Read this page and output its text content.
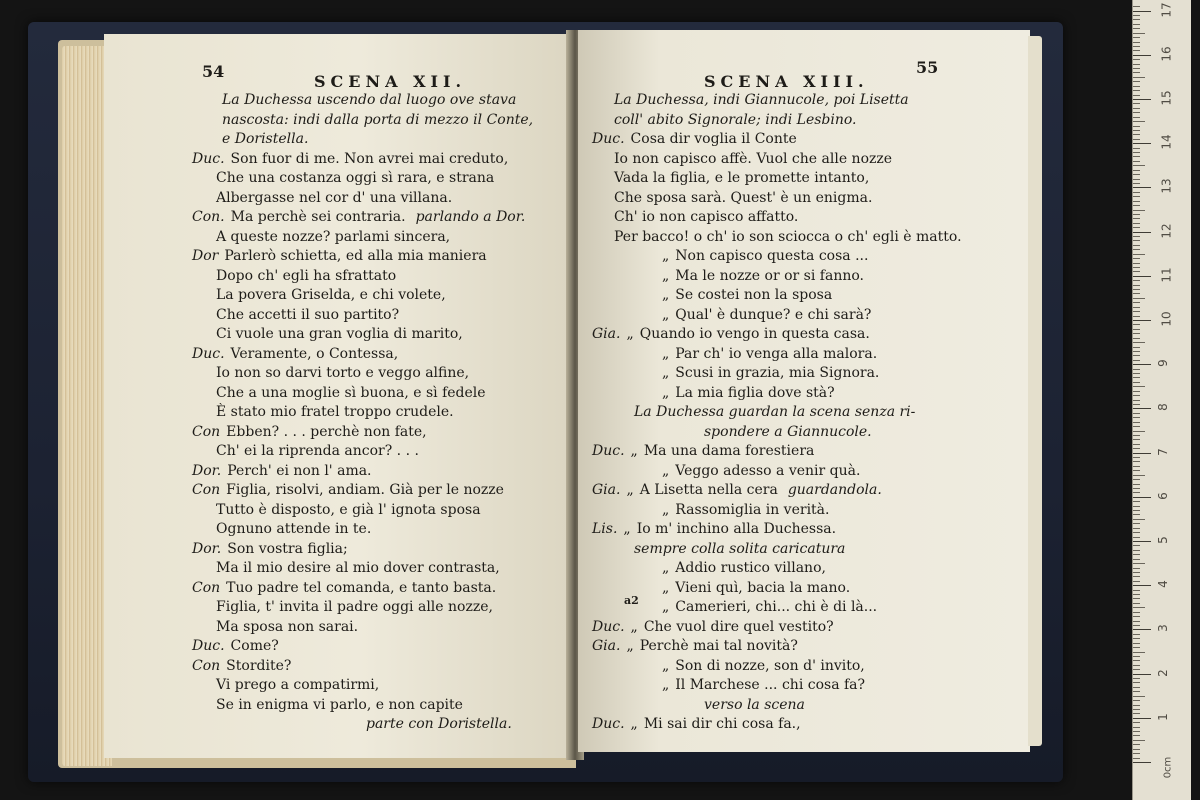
54
SCENA XII.
La Duchessa uscendo dal luogo ove stava
nascosta: indi dalla porta di mezzo il Conte,
e Doristella.
Duc. Son fuor di me. Non avrei mai creduto,
Che una costanza oggi sì rara, e strana
Albergasse nel cor d' una villana.
Con. Ma perchè sei contraria. parlando a Dor.
A queste nozze? parlami sincera,
Dor Parlerò schietta, ed alla mia maniera
Dopo ch' egli ha sfrattato
La povera Griselda, e chi volete,
Che accetti il suo partito?
Ci vuole una gran voglia di marito,
Duc. Veramente, o Contessa,
Io non so darvi torto e veggo alfine,
Che a una moglie sì buona, e sì fedele
È stato mio fratel troppo crudele.
Con Ebben? . . . perchè non fate,
Ch' ei la riprenda ancor? . . .
Dor. Perch' ei non l' ama.
Con Figlia, risolvi, andiam. Già per le nozze
Tutto è disposto, e già l' ignota sposa
Ognuno attende in te.
Dor. Son vostra figlia;
Ma il mio desire al mio dover contrasta,
Con Tuo padre tel comanda, e tanto basta.
Figlia, t' invita il padre oggi alle nozze,
Ma sposa non sarai.
Duc. Come?
Con Stordite?
Vi prego a compatirmi,
Se in enigma vi parlo, e non capite
parte con Doristella.
55
SCENA XIII.
La Duchessa, indi Giannucole, poi Lisetta
coll' abito Signorale; indi Lesbino.
Duc. Cosa dir voglia il Conte
Io non capisco affè. Vuol che alle nozze
Vada la figlia, e le promette intanto,
Che sposa sarà. Quest' è un enigma.
Ch' io non capisco affatto.
Per bacco! o ch' io son sciocca o ch' egli è matto.
„ Non capisco questa cosa ...
„ Ma le nozze or or si fanno.
„ Se costei non la sposa
„ Qual' è dunque? e chi sarà?
Gia. „ Quando io vengo in questa casa.
„ Par ch' io venga alla malora.
„ Scusi in grazia, mia Signora.
„ La mia figlia dove stà?
La Duchessa guardan la scena senza ri-
spondere a Giannucole.
Duc. „ Ma una dama forestiera
„ Veggo adesso a venir quà.
Gia. „ A Lisetta nella cera guardandola.
„ Rassomiglia in verità.
Lis. „ Io m' inchino alla Duchessa.
sempre colla solita caricatura
„ Addio rustico villano,
„ Vieni quì, bacia la mano.
„ Camerieri, chi... chi è di là...
Duc. „ Che vuol dire quel vestito?
Gia. „ Perchè mai tal novità?
„ Son di nozze, son d' invito,
„ Il Marchese ... chi cosa fa?
verso la scena
Duc. „ Mi sai dir chi cosa fa.,
a2
0cm
1
2
3
4
5
6
7
8
9
10
11
12
13
14
15
16
17
